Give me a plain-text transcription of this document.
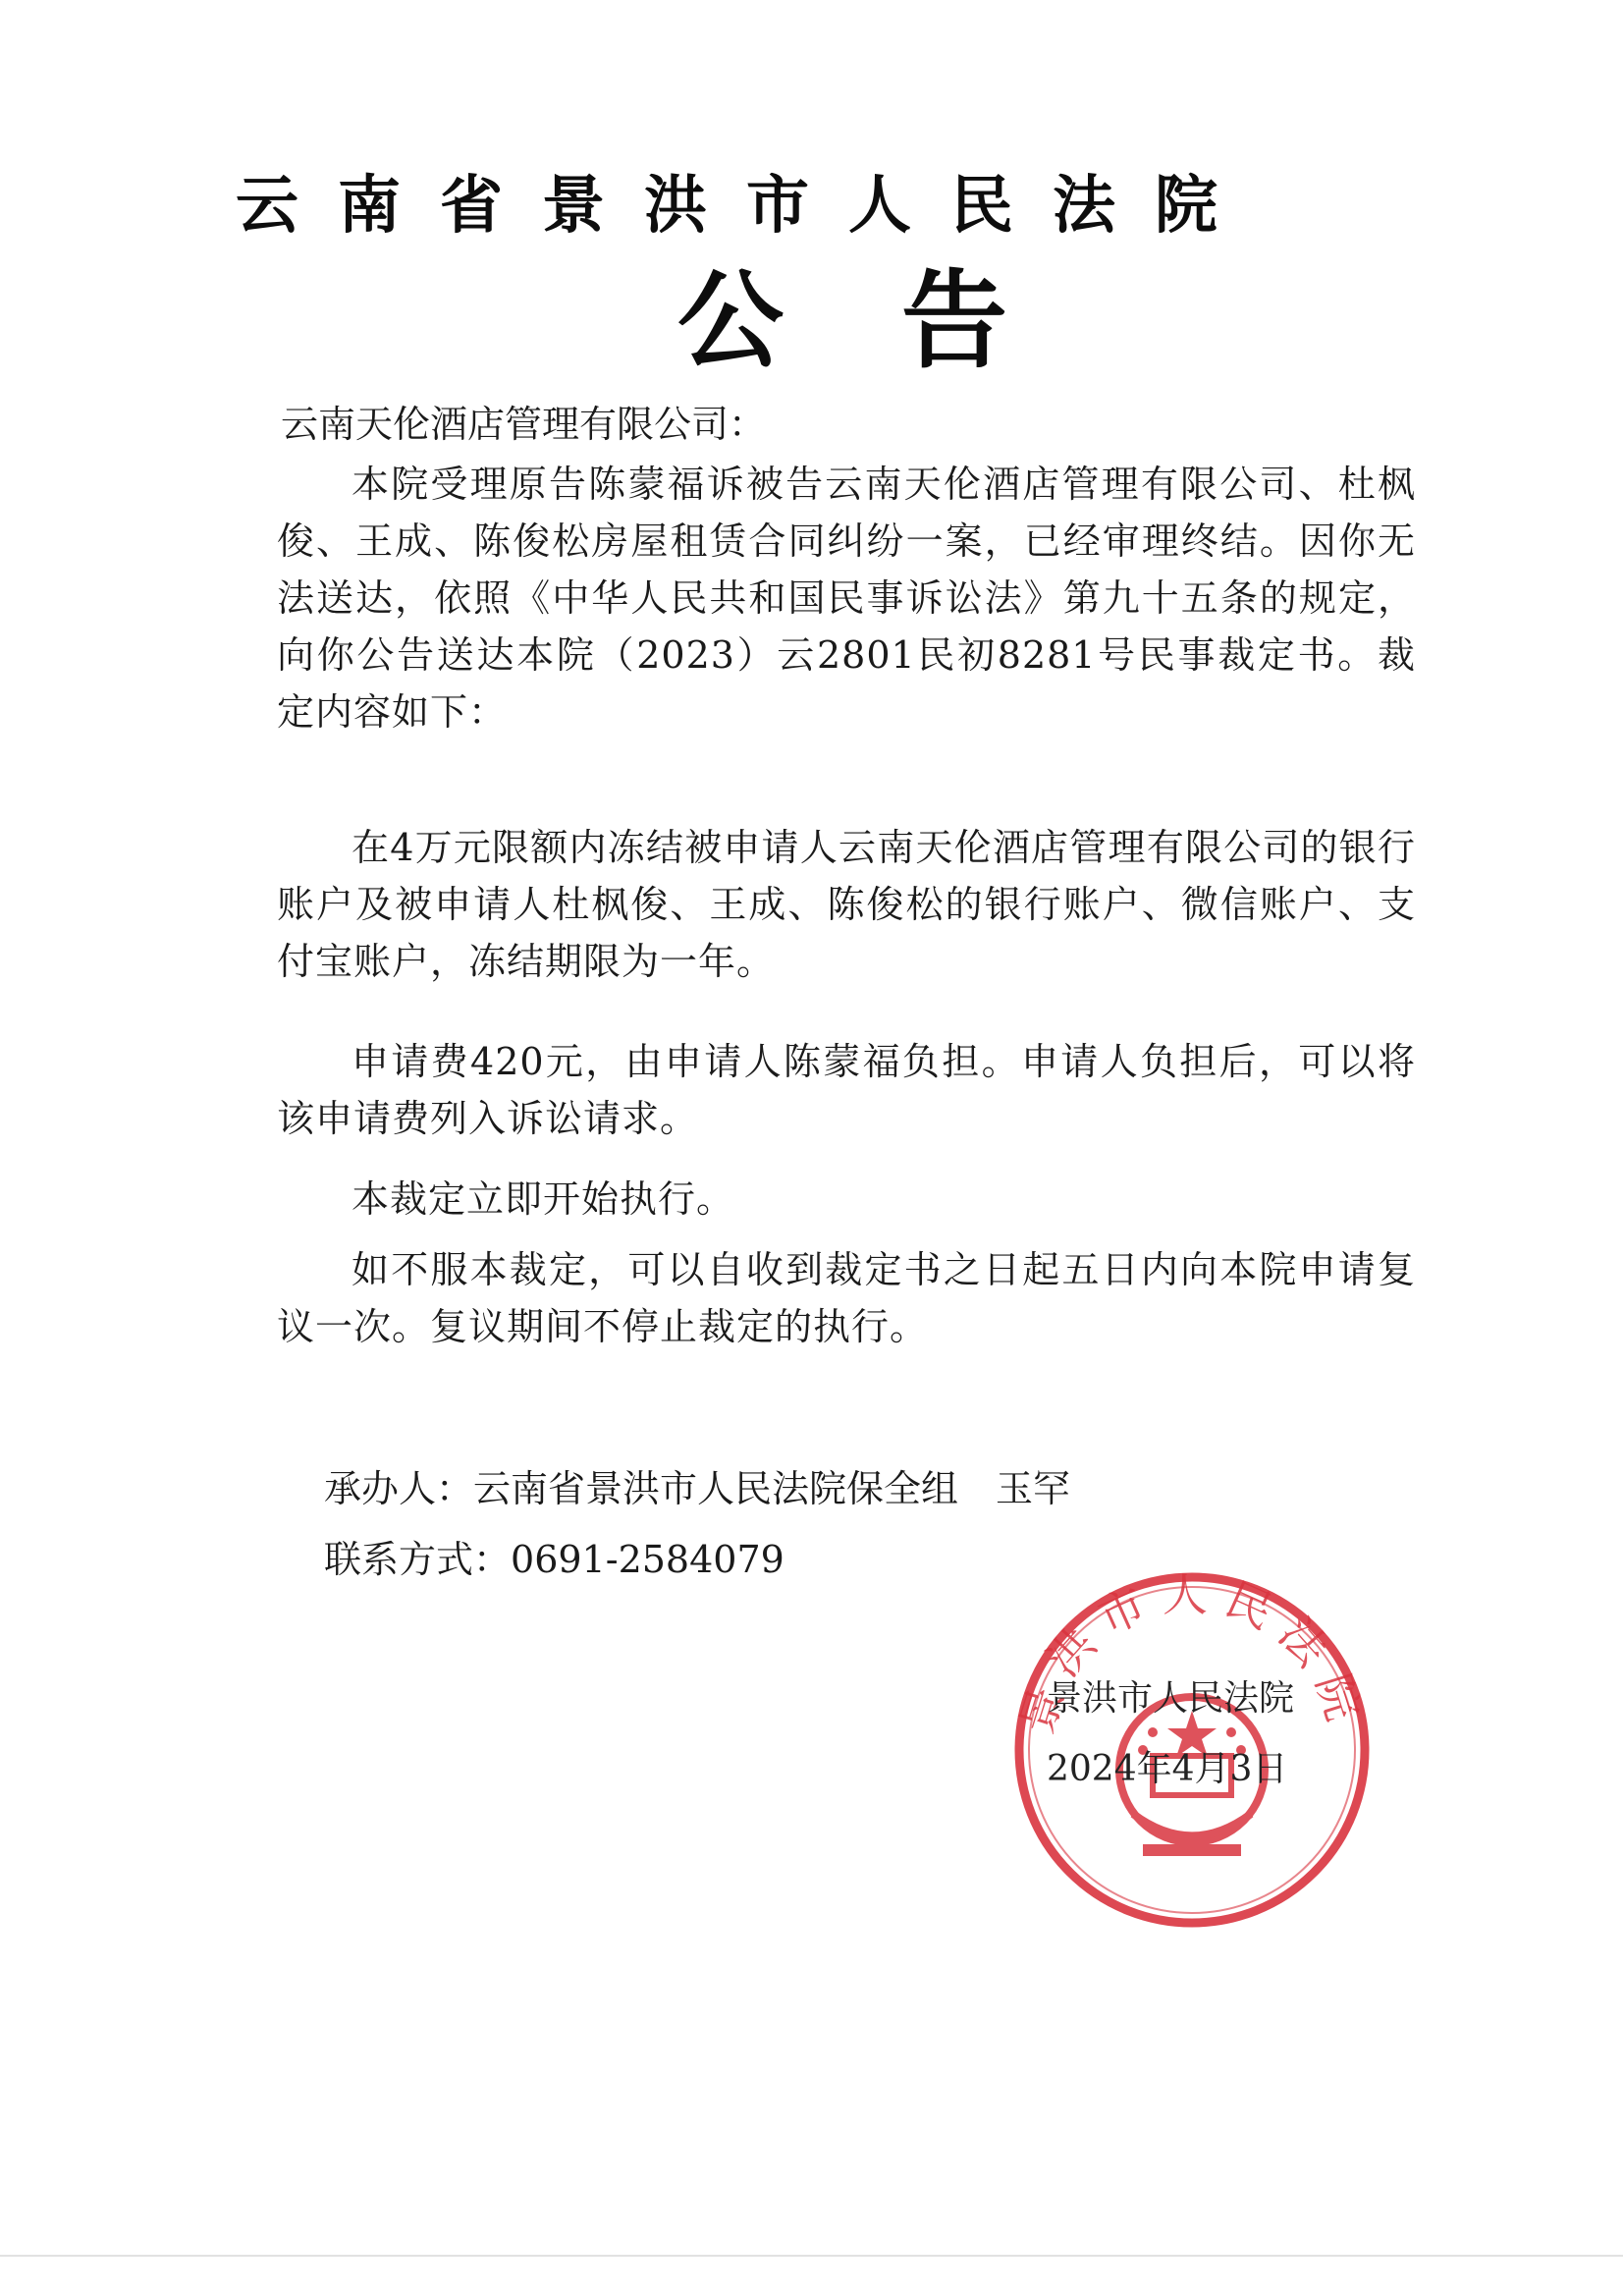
云南省景洪市人民法院
公告
云南天伦酒店管理有限公司：
本院受理原告陈蒙福诉被告云南天伦酒店管理有限公司、杜枫俊、王成、陈俊松房屋租赁合同纠纷一案，已经审理终结。因你无法送达，依照《中华人民共和国民事诉讼法》第九十五条的规定，向你公告送达本院（2023）云2801民初8281号民事裁定书。裁定内容如下：
在4万元限额内冻结被申请人云南天伦酒店管理有限公司的银行账户及被申请人杜枫俊、王成、陈俊松的银行账户、微信账户、支付宝账户，冻结期限为一年。
申请费420元，由申请人陈蒙福负担。申请人负担后，可以将该申请费列入诉讼请求。
本裁定立即开始执行。
如不服本裁定，可以自收到裁定书之日起五日内向本院申请复议一次。复议期间不停止裁定的执行。
承办人：云南省景洪市人民法院保全组　玉罕
联系方式：0691-2584079
景洪市人民法院
景洪市人民法院
2024年4月3日
